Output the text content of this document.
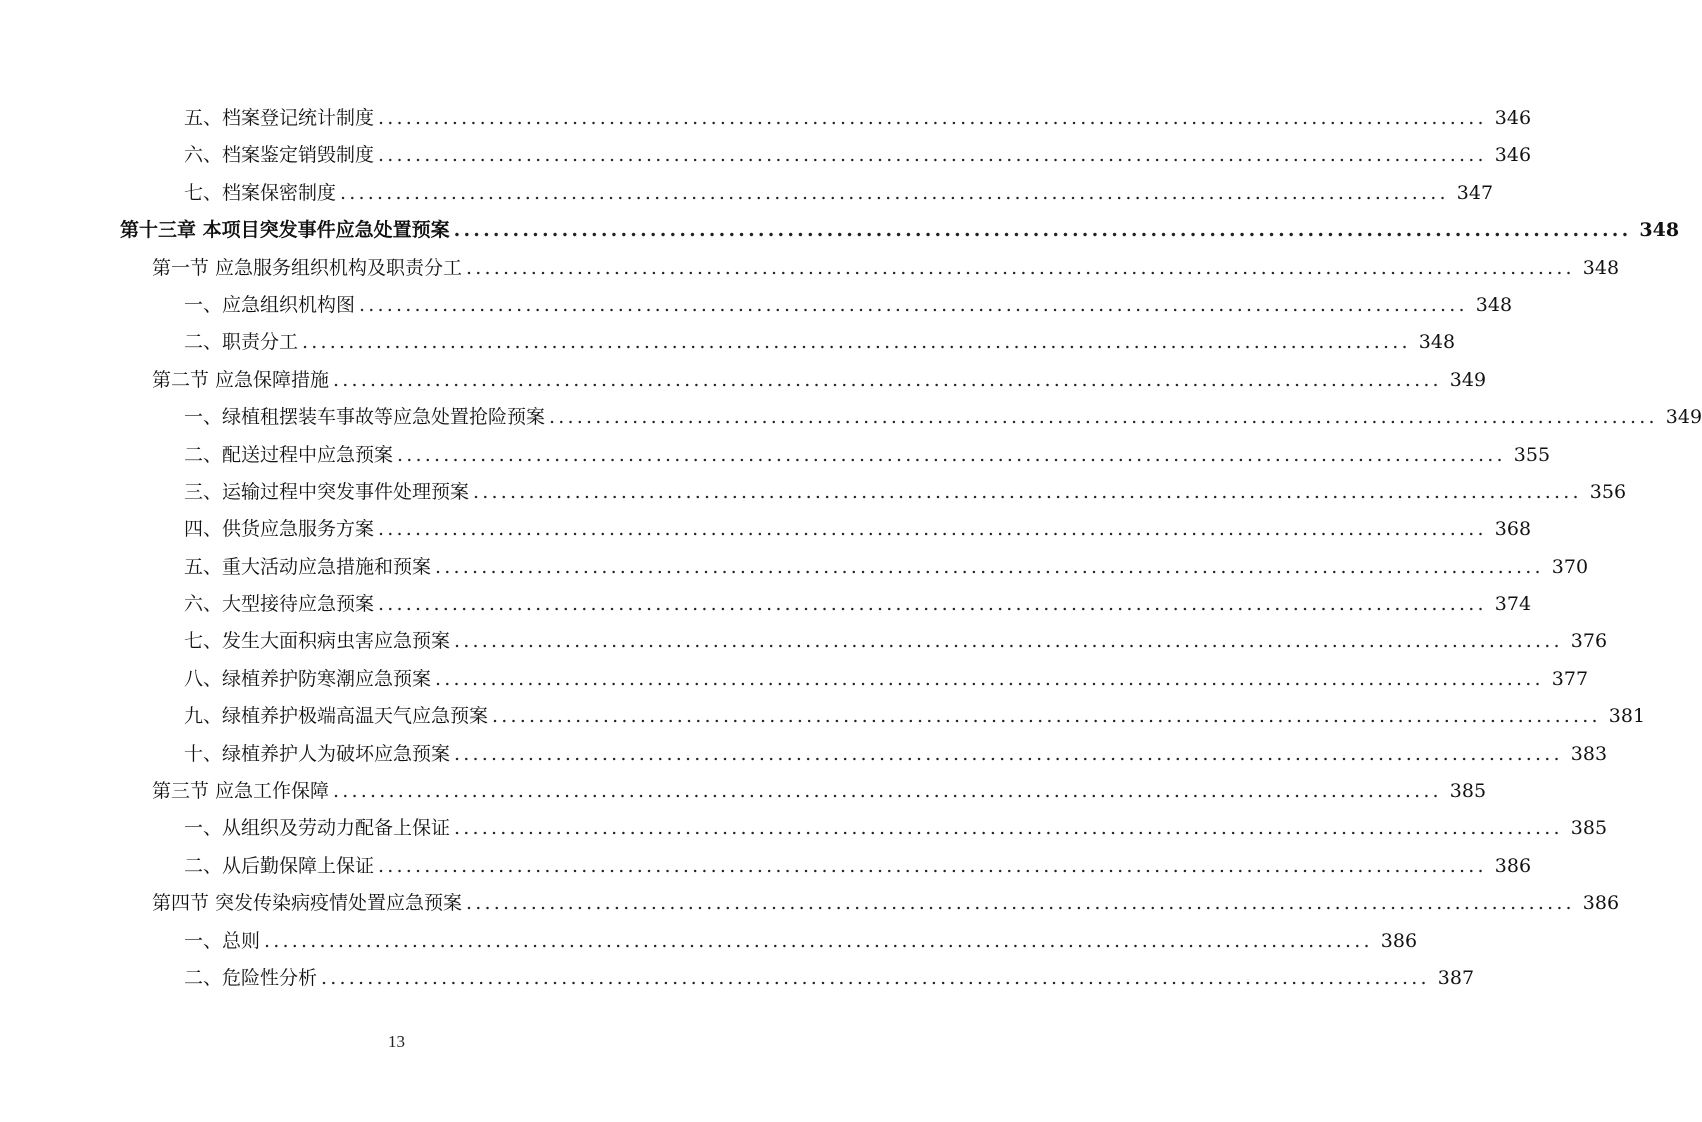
五、档案登记统计制度 ........................................................................................................................ 346
六、档案鉴定销毁制度 ........................................................................................................................ 346
七、档案保密制度 ........................................................................................................................ 347
第十三章 本项目突发事件应急处置预案 ........................................................................................................................ 348
第一节 应急服务组织机构及职责分工 ........................................................................................................................ 348
一、应急组织机构图 ........................................................................................................................ 348
二、职责分工 ........................................................................................................................ 348
第二节 应急保障措施 ........................................................................................................................ 349
一、绿植租摆装车事故等应急处置抢险预案 ........................................................................................................................ 349
二、配送过程中应急预案 ........................................................................................................................ 355
三、运输过程中突发事件处理预案 ........................................................................................................................ 356
四、供货应急服务方案 ........................................................................................................................ 368
五、重大活动应急措施和预案 ........................................................................................................................ 370
六、大型接待应急预案 ........................................................................................................................ 374
七、发生大面积病虫害应急预案 ........................................................................................................................ 376
八、绿植养护防寒潮应急预案 ........................................................................................................................ 377
九、绿植养护极端高温天气应急预案 ........................................................................................................................ 381
十、绿植养护人为破坏应急预案 ........................................................................................................................ 383
第三节 应急工作保障 ........................................................................................................................ 385
一、从组织及劳动力配备上保证 ........................................................................................................................ 385
二、从后勤保障上保证 ........................................................................................................................ 386
第四节 突发传染病疫情处置应急预案 ........................................................................................................................ 386
一、总则 ........................................................................................................................ 386
二、危险性分析 ........................................................................................................................ 387
13
